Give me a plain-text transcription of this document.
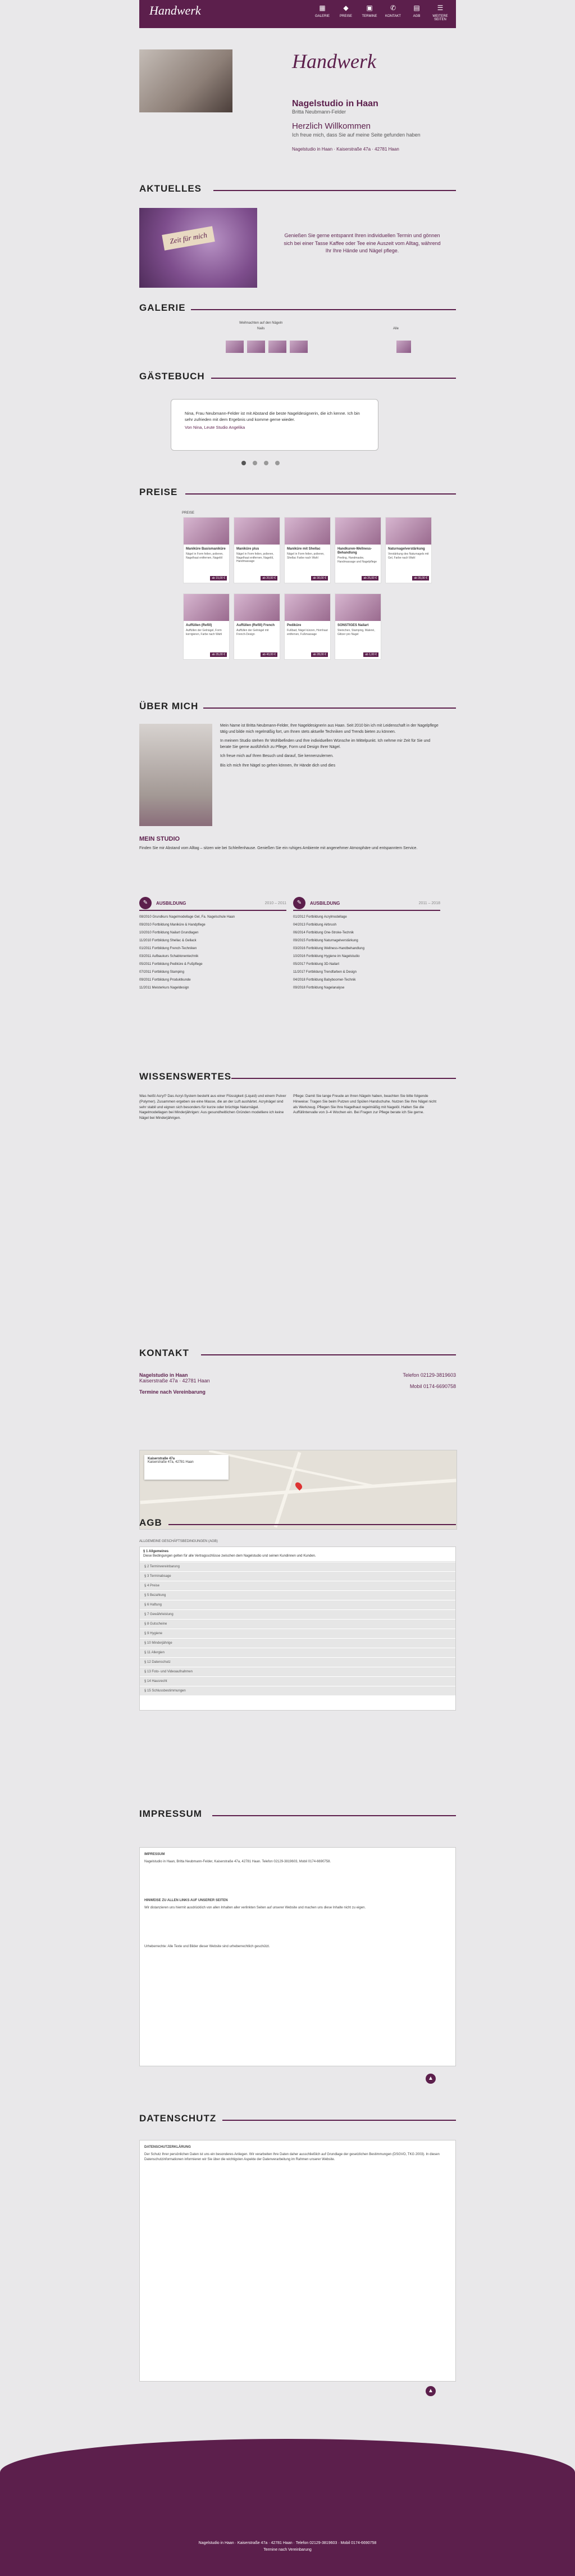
Handwerk	▦
GALERIE
◆
PREISE
▣
TERMINE
✆
KONTAKT
▤
AGB
☰
WEITERE SEITEN
Handwerk
Nagelstudio in Haan
Britta Neubmann-Felder
Herzlich Willkommen
Ich freue mich, dass Sie auf meine Seite gefunden haben
Nagelstudio in Haan · Kaiserstraße 47a · 42781 Haan
AKTUELLES
Zeit für mich	Genießen Sie gerne entspannt Ihren individuellen Termin und gönnen sich bei einer Tasse Kaffee oder Tee eine Auszeit vom Alltag, während Ihr Ihre Hände und Nägel pflege.
GALERIE
Weihnachten auf den Nägeln
Nails	Alle
GÄSTEBUCH
Nina, Frau Neubmann-Felder ist mit Abstand die beste Nageldesignerin, die ich kenne. Ich bin sehr zufrieden mit dem Ergebnis und komme gerne wieder.
Von Nina, Leute Studio Angelika
PREISE
PREISE
Maniküre Basismaniküre
Nägel in Form feilen, polieren, Nagelhaut entfernen, Nagelöl
ab 15,00 €
Maniküre plus
Nägel in Form feilen, polieren, Nagelhaut entfernen, Nagelöl, Handmassage
ab 20,00 €
Maniküre mit Shellac
Nägel in Form feilen, polieren, Shellac Farbe nach Wahl
ab 30,00 €
Handkuren-Wellness-Behandlung
Peeling, Handmaske, Handmassage und Nagelpflege
ab 25,00 €
Naturnagelverstärkung
Verstärkung des Naturnagels mit Gel, Farbe nach Wahl
ab 35,00 €
Auffüllen (Refill)
Auffüllen der Gelnägel, Form korrigieren, Farbe nach Wahl
ab 35,00 €
Auffüllen (Refill) French
Auffüllen der Gelnägel mit French-Design
ab 40,00 €
Pediküre
Fußbad, Nägel kürzen, Hornhaut entfernen, Fußmassage
ab 28,00 €
SONSTIGES Nailart
Steinchen, Stamping, Malerei, Glitzer pro Nagel
ab 1,00 €
ÜBER MICH

Mein Name ist Britta Neubmann-Felder, Ihre Nageldesignerin aus Haan. Seit 2010 bin ich mit Leidenschaft in der Nagelpflege tätig und bilde mich regelmäßig fort, um Ihnen stets aktuelle Techniken und Trends bieten zu können.

In meinem Studio stehen Ihr Wohlbefinden und Ihre individuellen Wünsche im Mittelpunkt. Ich nehme mir Zeit für Sie und berate Sie gerne ausführlich zu Pflege, Form und Design Ihrer Nägel.

Ich freue mich auf Ihren Besuch und darauf, Sie kennenzulernen.

Bis ich mich Ihre Nägel so gehen können, Ihr Hände dich und dies

MEIN STUDIO
Finden Sie mir Abstand vom Alltag – sitzen wie bei Schleifenhause. Genießen Sie ein ruhiges Ambiente mit angenehmer Atmosphäre und entspanntem Service.
✎	AUSBILDUNG	2010 – 2011
08/2010 Grundkurs Nagelmodellage Gel, Fa. Nagelschule Haan
09/2010 Fortbildung Maniküre & Handpflege
10/2010 Fortbildung Nailart Grundlagen
11/2010 Fortbildung Shellac & Gellack
01/2011 Fortbildung French-Techniken
03/2011 Aufbaukurs Schablonentechnik
05/2011 Fortbildung Pediküre & Fußpflege
07/2011 Fortbildung Stamping
09/2011 Fortbildung Produktkunde
11/2011 Meisterkurs Nageldesign
✎	AUSBILDUNG	2011 – 2018
01/2012 Fortbildung Acrylmodellage
04/2013 Fortbildung Airbrush
06/2014 Fortbildung One-Stroke-Technik
09/2015 Fortbildung Naturnagelverstärkung
03/2016 Fortbildung Wellness-Handbehandlung
10/2016 Fortbildung Hygiene im Nagelstudio
05/2017 Fortbildung 3D-Nailart
11/2017 Fortbildung Trendfarben & Design
04/2018 Fortbildung Babyboomer-Technik
09/2018 Fortbildung Nagelanalyse
WISSENSWERTES
Was heißt Acryl? Das Acryl-System besteht aus einer Flüssigkeit (Liquid) und einem Pulver (Polymer). Zusammen ergeben sie eine Masse, die an der Luft aushärtet. Acrylnägel sind sehr stabil und eignen sich besonders für kurze oder brüchige Naturnägel. Nagelmodellagen bei Minderjährigen: Aus gesundheitlichen Gründen modelliere ich keine Nägel bei Minderjährigen.
Pflege: Damit Sie lange Freude an Ihren Nägeln haben, beachten Sie bitte folgende Hinweise: Tragen Sie beim Putzen und Spülen Handschuhe. Nutzen Sie Ihre Nägel nicht als Werkzeug. Pflegen Sie Ihre Nagelhaut regelmäßig mit Nagelöl. Halten Sie die Auffüllintervalle von 3–4 Wochen ein. Bei Fragen zur Pflege berate ich Sie gerne.
KONTAKT
Nagelstudio in Haan
Kaiserstraße 47a · 42781 Haan

Termine nach Vereinbarung
Telefon 02129-3819603

Mobil 0174-6690758
Kaiserstraße 47a
Kaiserstraße 47a, 42781 Haan
AGB
ALLGEMEINE GESCHÄFTSBEDINGUNGEN (AGB)
§ 1 Allgemeines
Diese Bedingungen gelten für alle Vertragsschlüsse zwischen dem Nagelstudio und seinen Kundinnen und Kunden.
§ 2 Terminvereinbarung
§ 3 Terminabsage
§ 4 Preise
§ 5 Bezahlung
§ 6 Haftung
§ 7 Gewährleistung
§ 8 Gutscheine
§ 9 Hygiene
§ 10 Minderjährige
§ 11 Allergien
§ 12 Datenschutz
§ 13 Foto- und Videoaufnahmen
§ 14 Hausrecht
§ 15 Schlussbestimmungen
IMPRESSUM
IMPRESSUM

Nagelstudio in Haan, Britta Neubmann-Felder, Kaiserstraße 47a, 42781 Haan. Telefon 02129-3819603, Mobil 0174-6690758.

HINWEISE ZU ALLEN LINKS AUF UNSERER SEITEN

Wir distanzieren uns hiermit ausdrücklich von allen Inhalten aller verlinkten Seiten auf unserer Website und machen uns diese Inhalte nicht zu eigen.

Urheberrechte: Alle Texte und Bilder dieser Website sind urheberrechtlich geschützt.

▲
DATENSCHUTZ
DATENSCHUTZERKLÄRUNG

Der Schutz Ihrer persönlichen Daten ist uns ein besonderes Anliegen. Wir verarbeiten Ihre Daten daher ausschließlich auf Grundlage der gesetzlichen Bestimmungen (DSGVO, TKG 2003). In diesen Datenschutzinformationen informieren wir Sie über die wichtigsten Aspekte der Datenverarbeitung im Rahmen unserer Website.

▲
Nagelstudio in Haan · Kaiserstraße 47a · 42781 Haan · Telefon 02129-3819603 · Mobil 0174-6690758
Termine nach Vereinbarung
